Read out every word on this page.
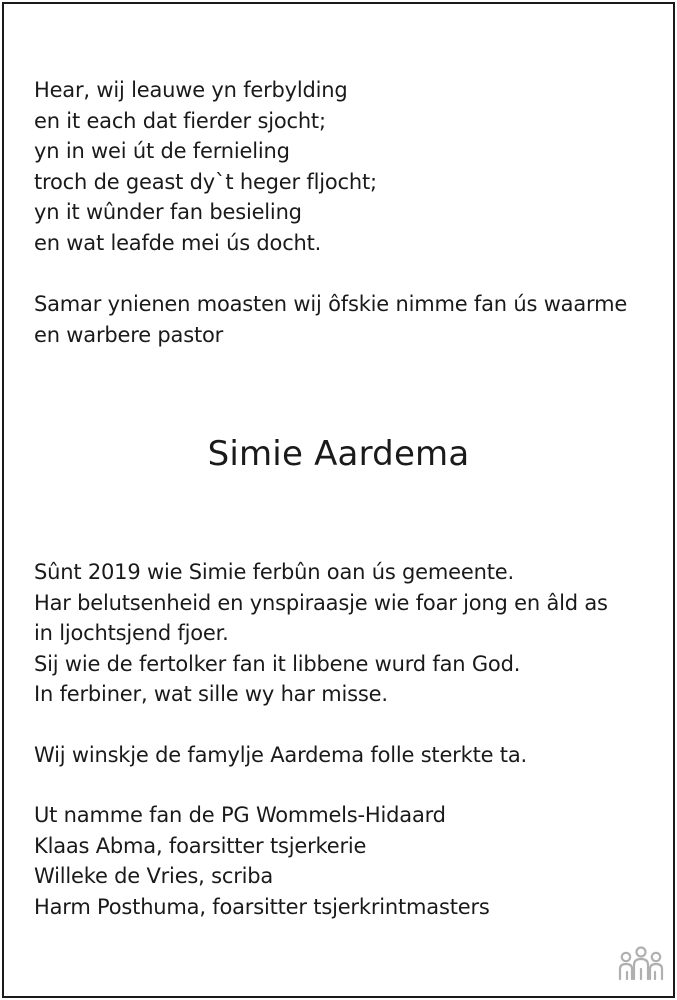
Hear, wij leauwe yn ferbylding
en it each dat fierder sjocht;
yn in wei út de fernieling
troch de geast dy`t heger fljocht;
yn it wûnder fan besieling
en wat leafde mei ús docht.
Samar ynienen moasten wij ôfskie nimme fan ús waarme
en warbere pastor
Simie Aardema
Sûnt 2019 wie Simie ferbûn oan ús gemeente.
Har belutsenheid en ynspiraasje wie foar jong en âld as
in ljochtsjend fjoer.
Sij wie de fertolker fan it libbene wurd fan God.
In ferbiner, wat sille wy har misse.
Wij winskje de famylje Aardema folle sterkte ta.
Ut namme fan de PG Wommels-Hidaard
Klaas Abma, foarsitter tsjerkerie
Willeke de Vries, scriba
Harm Posthuma, foarsitter tsjerkrintmasters
